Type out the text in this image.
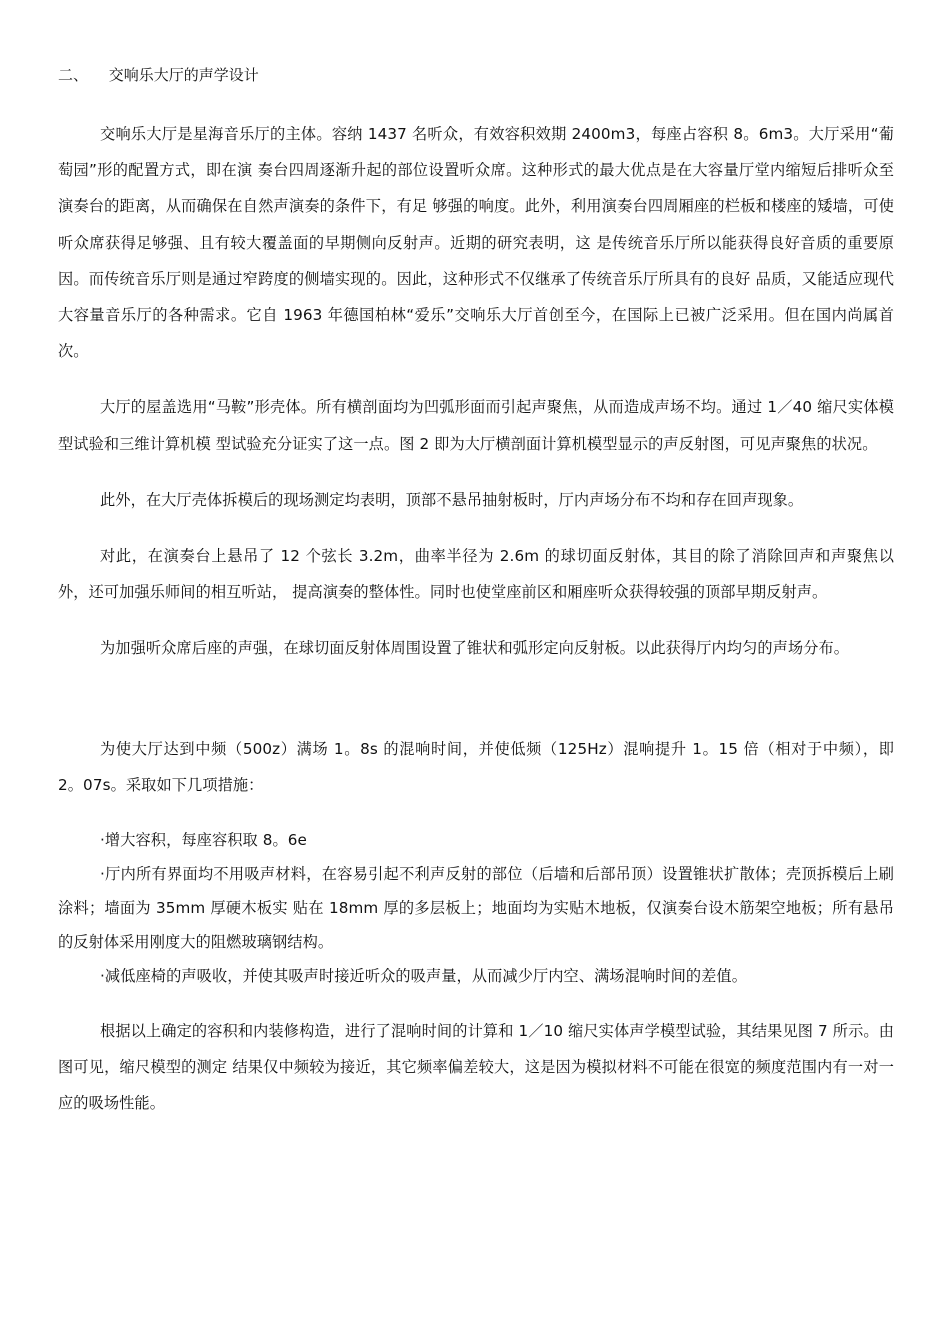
二、 交响乐大厅的声学设计

交响乐大厅是星海音乐厅的主体。容纳 1437 名听众，有效容积效期 2400m3，每座占容积 8。6m3。大厅采用“葡萄园”形的配置方式，即在演 奏台四周逐渐升起的部位设置听众席。这种形式的最大优点是在大容量厅堂内缩短后排听众至演奏台的距离，从而确保在自然声演奏的条件下，有足 够强的响度。此外，利用演奏台四周厢座的栏板和楼座的矮墙，可使听众席获得足够强、且有较大覆盖面的早期侧向反射声。近期的研究表明，这 是传统音乐厅所以能获得良好音质的重要原因。而传统音乐厅则是通过窄跨度的侧墙实现的。因此，这种形式不仅继承了传统音乐厅所具有的良好 品质，又能适应现代大容量音乐厅的各种需求。它自 1963 年德国柏林“爱乐”交响乐大厅首创至今，在国际上已被广泛采用。但在国内尚属首次。

大厅的屋盖选用“马鞍”形壳体。所有横剖面均为凹弧形面而引起声聚焦，从而造成声场不均。通过 1／40 缩尺实体模型试验和三维计算机模 型试验充分证实了这一点。图 2 即为大厅横剖面计算机模型显示的声反射图，可见声聚焦的状况。

此外，在大厅壳体拆模后的现场测定均表明，顶部不悬吊抽射板时，厅内声场分布不均和存在回声现象。

对此，在演奏台上悬吊了 12 个弦长 3.2m，曲率半径为 2.6m 的球切面反射体，其目的除了消除回声和声聚焦以外，还可加强乐师间的相互听站， 提高演奏的整体性。同时也使堂座前区和厢座听众获得较强的顶部早期反射声。

为加强听众席后座的声强，在球切面反射体周围设置了锥状和弧形定向反射板。以此获得厅内均匀的声场分布。

为使大厅达到中频（500z）满场 1。8s 的混响时间，并使低频（125Hz）混响提升 1。15 倍（相对于中频），即 2。07s。采取如下几项措施：

·增大容积，每座容积取 8。6e
·厅内所有界面均不用吸声材料，在容易引起不利声反射的部位（后墙和后部吊顶）设置锥状扩散体；壳顶拆模后上刷涂料；墙面为 35mm 厚硬木板实 贴在 18mm 厚的多层板上；地面均为实贴木地板，仅演奏台设木筋架空地板；所有悬吊的反射体采用刚度大的阻燃玻璃钢结构。
·减低座椅的声吸收，并使其吸声时接近听众的吸声量，从而减少厅内空、满场混响时间的差值。

根据以上确定的容积和内装修构造，进行了混响时间的计算和 1／10 缩尺实体声学模型试验，其结果见图 7 所示。由图可见，缩尺模型的测定 结果仅中频较为接近，其它频率偏差较大，这是因为模拟材料不可能在很宽的频度范围内有一对一应的吸场性能。
